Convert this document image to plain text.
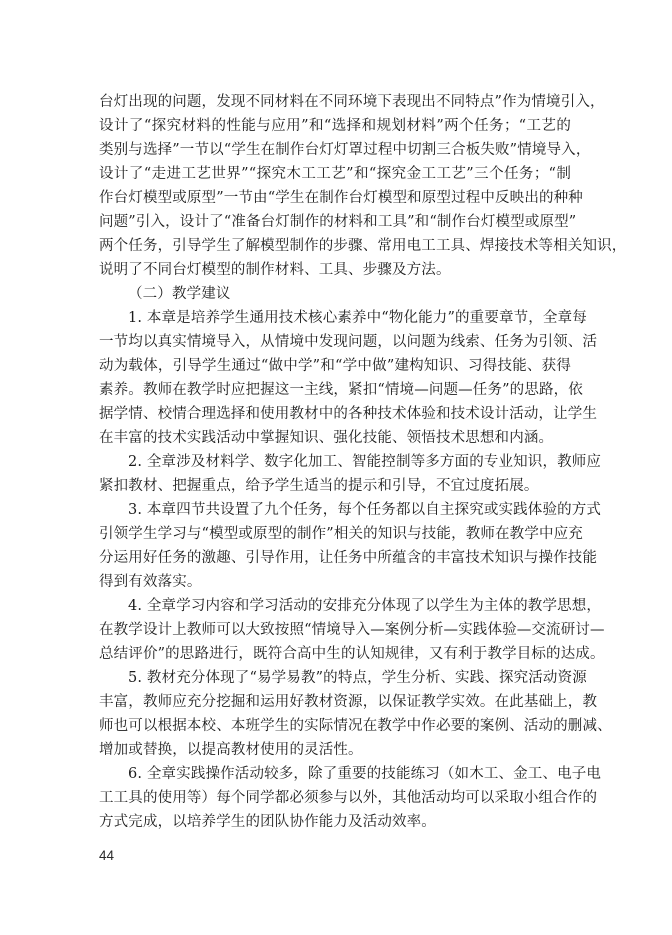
台灯出现的问题，发现不同材料在不同环境下表现出不同特点”作为情境引入，
设计了“探究材料的性能与应用”和“选择和规划材料”两个任务；“工艺的
类别与选择”一节以“学生在制作台灯灯罩过程中切割三合板失败”情境导入，
设计了“走进工艺世界”“探究木工工艺”和“探究金工工艺”三个任务；“制
作台灯模型或原型”一节由“学生在制作台灯模型和原型过程中反映出的种种
问题”引入，设计了“准备台灯制作的材料和工具”和“制作台灯模型或原型”
两个任务，引导学生了解模型制作的步骤、常用电工工具、焊接技术等相关知识，
说明了不同台灯模型的制作材料、工具、步骤及方法。
（二）教学建议
1. 本章是培养学生通用技术核心素养中“物化能力”的重要章节，全章每
一节均以真实情境导入，从情境中发现问题，以问题为线索、任务为引领、活
动为载体，引导学生通过“做中学”和“学中做”建构知识、习得技能、获得
素养。教师在教学时应把握这一主线，紧扣“情境—问题—任务”的思路，依
据学情、校情合理选择和使用教材中的各种技术体验和技术设计活动，让学生
在丰富的技术实践活动中掌握知识、强化技能、领悟技术思想和内涵。
2. 全章涉及材料学、数字化加工、智能控制等多方面的专业知识，教师应
紧扣教材、把握重点，给予学生适当的提示和引导，不宜过度拓展。
3. 本章四节共设置了九个任务，每个任务都以自主探究或实践体验的方式
引领学生学习与“模型或原型的制作”相关的知识与技能，教师在教学中应充
分运用好任务的激趣、引导作用，让任务中所蕴含的丰富技术知识与操作技能
得到有效落实。
4. 全章学习内容和学习活动的安排充分体现了以学生为主体的教学思想，
在教学设计上教师可以大致按照“情境导入—案例分析—实践体验—交流研讨—
总结评价”的思路进行，既符合高中生的认知规律，又有利于教学目标的达成。
5. 教材充分体现了“易学易教”的特点，学生分析、实践、探究活动资源
丰富，教师应充分挖掘和运用好教材资源，以保证教学实效。在此基础上，教
师也可以根据本校、本班学生的实际情况在教学中作必要的案例、活动的删减、
增加或替换，以提高教材使用的灵活性。
6. 全章实践操作活动较多，除了重要的技能练习（如木工、金工、电子电
工工具的使用等）每个同学都必须参与以外，其他活动均可以采取小组合作的
方式完成，以培养学生的团队协作能力及活动效率。
44
